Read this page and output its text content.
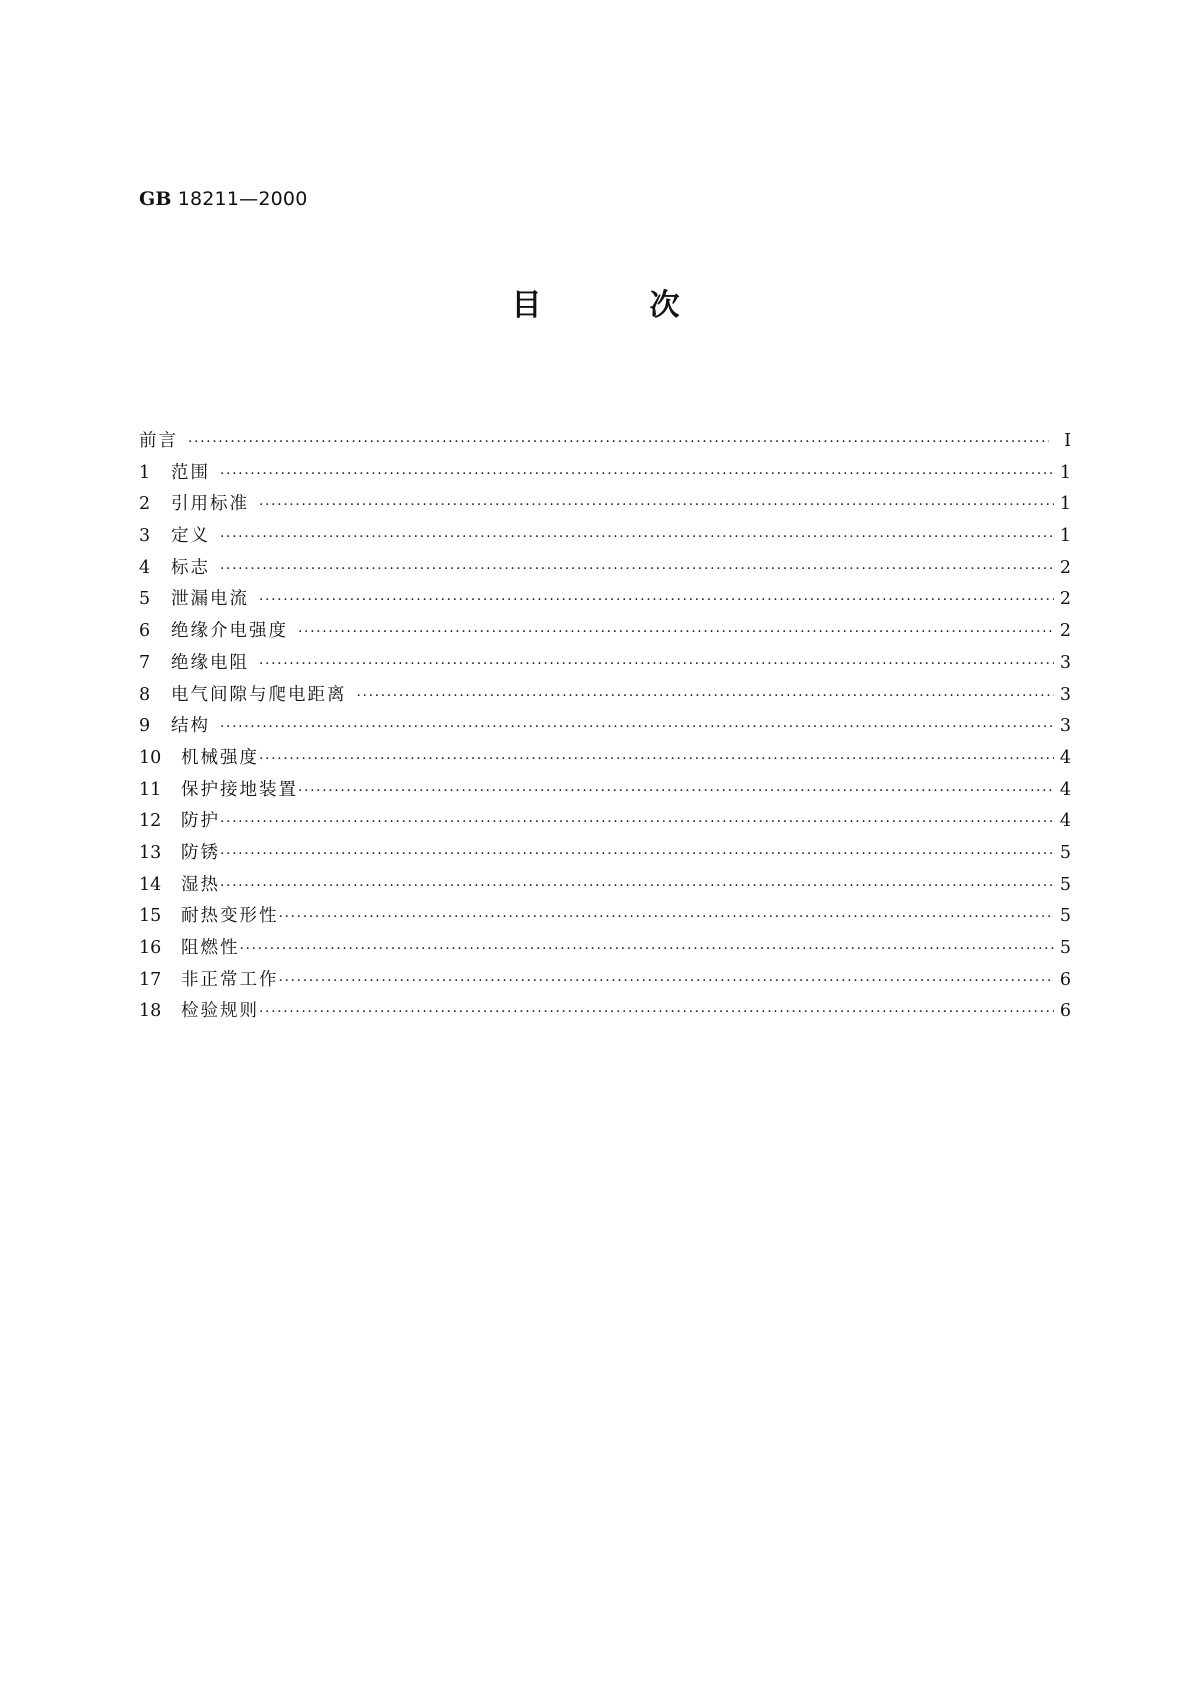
GB 18211—2000
目	次
前言 ·····	I
1	范围 ·····	1
2	引用标准 ·····	1
3	定义 ·····	1
4	标志 ·····	2
5	泄漏电流 ·····	2
6	绝缘介电强度 ·····	2
7	绝缘电阻 ·····	3
8	电气间隙与爬电距离 ·····	3
9	结构 ·····	3
10	机械强度 ·····	4
11	保护接地装置 ·····	4
12	防护 ·····	4
13	防锈 ·····	5
14	湿热 ·····	5
15	耐热变形性 ·····	5
16	阻燃性 ·····	5
17	非正常工作 ·····	6
18	检验规则 ·····	6
